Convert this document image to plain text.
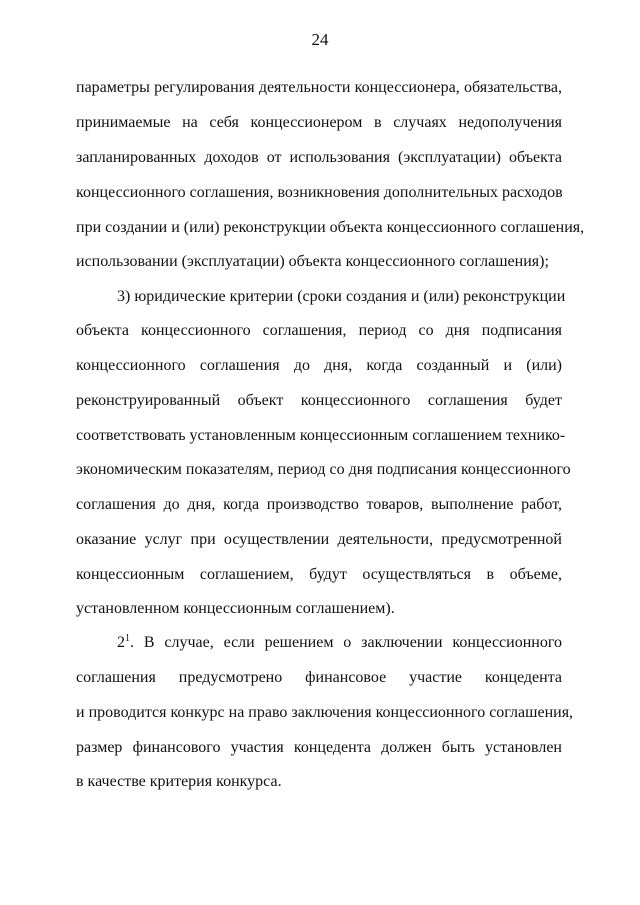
24
параметры регулирования деятельности концессионера, обязательства,
принимаемые на себя концессионером в случаях недополучения
запланированных доходов от использования (эксплуатации) объекта
концессионного соглашения, возникновения дополнительных расходов
при создании и (или) реконструкции объекта концессионного соглашения,
использовании (эксплуатации) объекта концессионного соглашения);
3) юридические критерии (сроки создания и (или) реконструкции
объекта концессионного соглашения, период со дня подписания
концессионного соглашения до дня, когда созданный и (или)
реконструированный объект концессионного соглашения будет
соответствовать установленным концессионным соглашением технико-
экономическим показателям, период со дня подписания концессионного
соглашения до дня, когда производство товаров, выполнение работ,
оказание услуг при осуществлении деятельности, предусмотренной
концессионным соглашением, будут осуществляться в объеме,
установленном концессионным соглашением).
$2^1$. В случае, если решением о заключении концессионного
соглашения предусмотрено финансовое участие концедента
и проводится конкурс на право заключения концессионного соглашения,
размер финансового участия концедента должен быть установлен
в качестве критерия конкурса.
